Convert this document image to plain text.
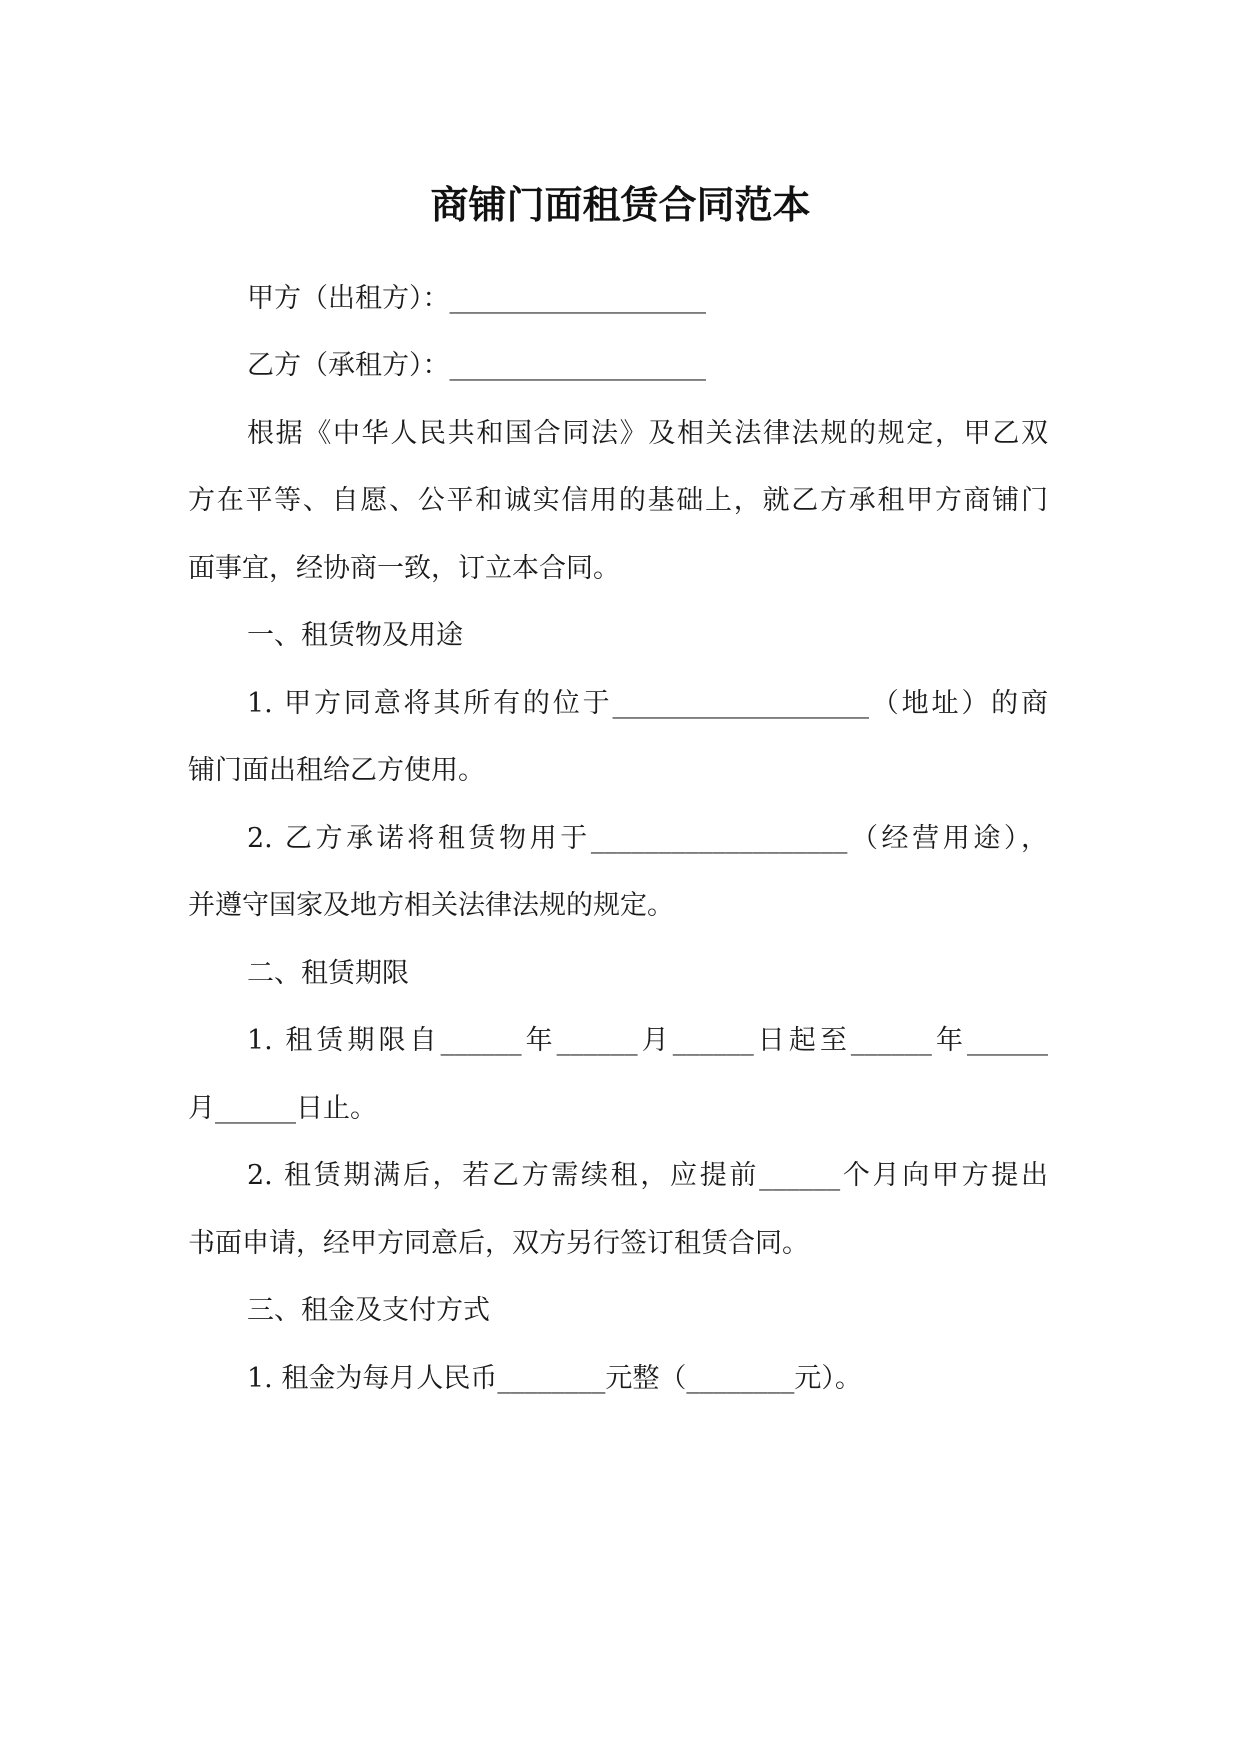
商铺门面租赁合同范本
甲方（出租方）：___________________
乙方（承租方）：___________________
根据《中华人民共和国合同法》及相关法律法规的规定，甲乙双
方在平等、自愿、公平和诚实信用的基础上，就乙方承租甲方商铺门
面事宜，经协商一致，订立本合同。
一、租赁物及用途
1. 甲方同意将其所有的位于___________________（地址）的商
铺门面出租给乙方使用。
2. 乙方承诺将租赁物用于___________________（经营用途），
并遵守国家及地方相关法律法规的规定。
二、租赁期限
1. 租赁期限自______年______月______日起至______年______
月______日止。
2. 租赁期满后，若乙方需续租，应提前______个月向甲方提出
书面申请，经甲方同意后，双方另行签订租赁合同。
三、租金及支付方式
1. 租金为每月人民币________元整（________元）。
